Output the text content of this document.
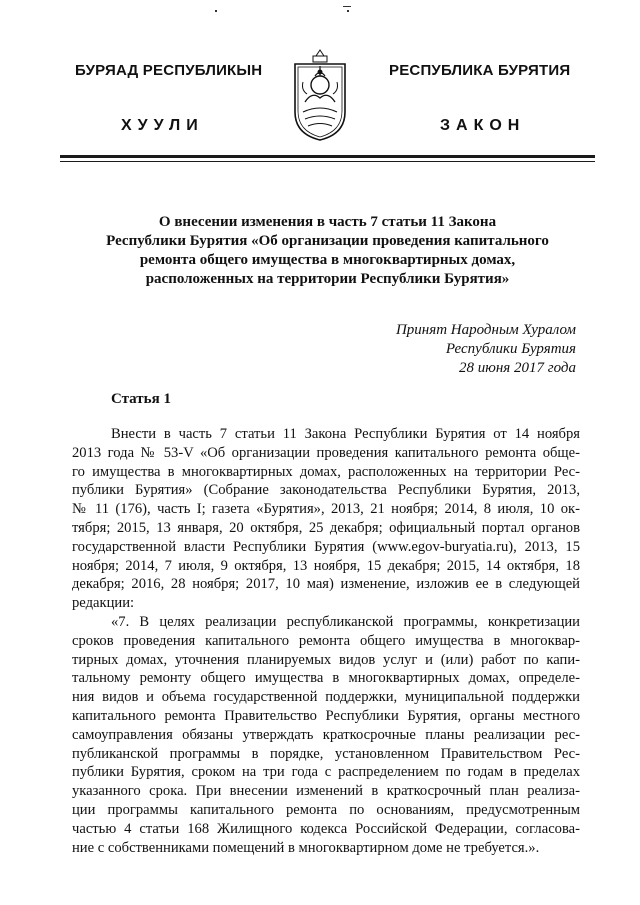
БУРЯАД РЕСПУБЛИКЫН	РЕСПУБЛИКА БУРЯТИЯ
ХУУЛИ	ЗАКОН
О внесении изменения в часть 7 статьи 11 Закона
Республики Бурятия «Об организации проведения капитального
ремонта общего имущества в многоквартирных домах,
расположенных на территории Республики Бурятия»
Принят Народным Хуралом
Республики Бурятия
28 июня 2017 года
Статья 1
Внести в часть 7 статьи 11 Закона Республики Бурятия от 14 ноября
2013 года № 53-V «Об организации проведения капитального ремонта обще-
го имущества в многоквартирных домах, расположенных на территории Рес-
публики Бурятия» (Собрание законодательства Республики Бурятия, 2013,
№ 11 (176), часть I; газета «Бурятия», 2013, 21 ноября; 2014, 8 июля, 10 ок-
тября; 2015, 13 января, 20 октября, 25 декабря; официальный портал органов
государственной власти Республики Бурятия (www.egov-buryatia.ru), 2013, 15
ноября; 2014, 7 июля, 9 октября, 13 ноября, 15 декабря; 2015, 14 октября, 18
декабря; 2016, 28 ноября; 2017, 10 мая) изменение, изложив ее в следующей
редакции:
«7. В целях реализации республиканской программы, конкретизации
сроков проведения капитального ремонта общего имущества в многоквар-
тирных домах, уточнения планируемых видов услуг и (или) работ по капи-
тальному ремонту общего имущества в многоквартирных домах, определе-
ния видов и объема государственной поддержки, муниципальной поддержки
капитального ремонта Правительство Республики Бурятия, органы местного
самоуправления обязаны утверждать краткосрочные планы реализации рес-
публиканской программы в порядке, установленном Правительством Рес-
публики Бурятия, сроком на три года с распределением по годам в пределах
указанного срока. При внесении изменений в краткосрочный план реализа-
ции программы капитального ремонта по основаниям, предусмотренным
частью 4 статьи 168 Жилищного кодекса Российской Федерации, согласова-
ние с собственниками помещений в многоквартирном доме не требуется.».
